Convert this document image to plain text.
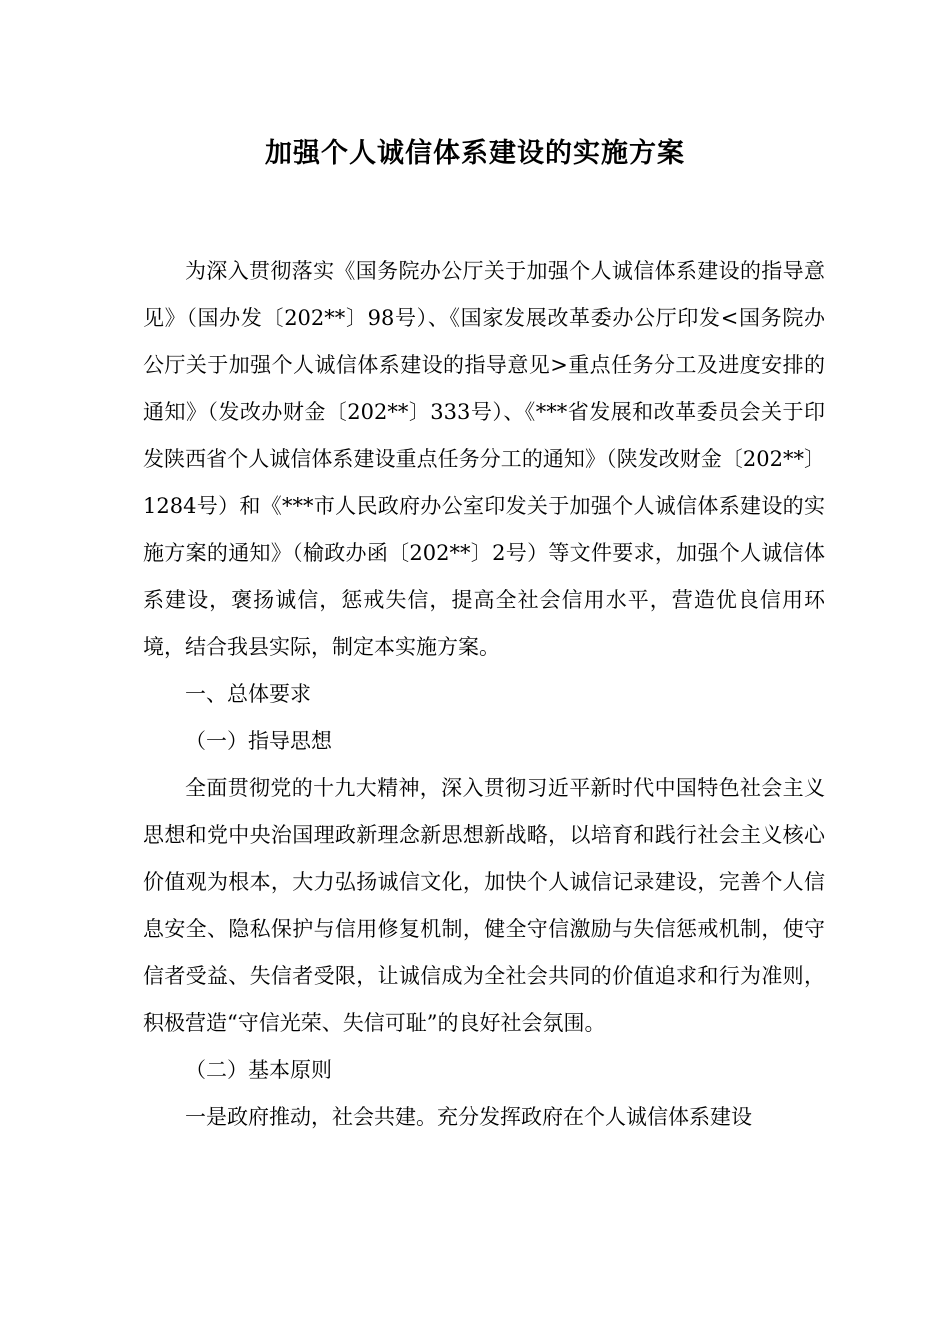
加强个人诚信体系建设的实施方案

为深入贯彻落实《国务院办公厅关于加强个人诚信体系建设的指导意见》（国办发〔202**〕98号）、《国家发展改革委办公厅印发<国务院办公厅关于加强个人诚信体系建设的指导意见>重点任务分工及进度安排的通知》（发改办财金〔202**〕333号）、《***省发展和改革委员会关于印发陕西省个人诚信体系建设重点任务分工的通知》（陕发改财金〔202**〕1284号）和《***市人民政府办公室印发关于加强个人诚信体系建设的实施方案的通知》（榆政办函〔202**〕2号）等文件要求，加强个人诚信体系建设，褒扬诚信，惩戒失信，提高全社会信用水平，营造优良信用环境，结合我县实际，制定本实施方案。

一、总体要求

（一）指导思想

全面贯彻党的十九大精神，深入贯彻习近平新时代中国特色社会主义思想和党中央治国理政新理念新思想新战略，以培育和践行社会主义核心价值观为根本，大力弘扬诚信文化，加快个人诚信记录建设，完善个人信息安全、隐私保护与信用修复机制，健全守信激励与失信惩戒机制，使守信者受益、失信者受限，让诚信成为全社会共同的价值追求和行为准则，积极营造“守信光荣、失信可耻”的良好社会氛围。

（二）基本原则

一是政府推动，社会共建。充分发挥政府在个人诚信体系建设
